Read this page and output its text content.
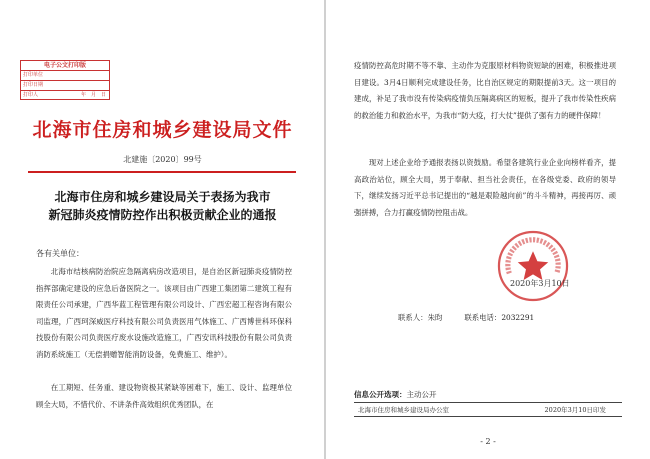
电子公文打印版
打印单位
打印日期
打印人	年　月　日
北海市住房和城乡建设局文件
北建施〔2020〕99号
北海市住房和城乡建设局关于表扬为我市
新冠肺炎疫情防控作出积极贡献企业的通报
各有关单位：
北海市结核病防治院应急隔离病房改造项目，是自治区新冠肺炎疫情防控指挥部确定建设的应急后备医院之一。该项目由广西建工集团第二建筑工程有限责任公司承建，广西华蓝工程管理有限公司设计、广西宏超工程咨询有限公司监理，广西珂深威医疗科技有限公司负责医用气体施工、广西博世科环保科技股份有限公司负责医疗废水设施改造施工，广西安讯科技股份有限公司负责消防系统施工（无偿捐赠智能消防设备，免费施工、维护）。
在工期短、任务重、建设物资极其紧缺等困难下，施工、设计、监理单位顾全大局，不惜代价、不讲条件高效组织优秀团队，在
疫情防控高危时期不等不靠、主动作为克服原材料物资短缺的困难，积极推进项目建设。3月4日顺利完成建设任务，比自治区规定的期限提前3天。这一项目的建成，补足了我市没有传染病疫情负压隔离病区的短板，提升了我市传染性疾病的救治能力和救治水平，为我市“防大疫，打大仗”提供了强有力的硬件保障！
现对上述企业给予通报表扬以资鼓励。希望各建筑行业企业向榜样看齐，提高政治站位，顾全大局，男于奉献、担当社会责任，在各级党委、政府的领导下，继续发扬习近平总书记提出的“越是艰险越向前”的斗斗精神，再接再厉、顽强拼搏，合力打赢疫情防控阻击战。
2020年3月10日
联系人：朱昀	联系电话：2032291
信息公开选项：主动公开
北海市住房和城乡建设局办公室	2020年3月10日印发
- 2 -
